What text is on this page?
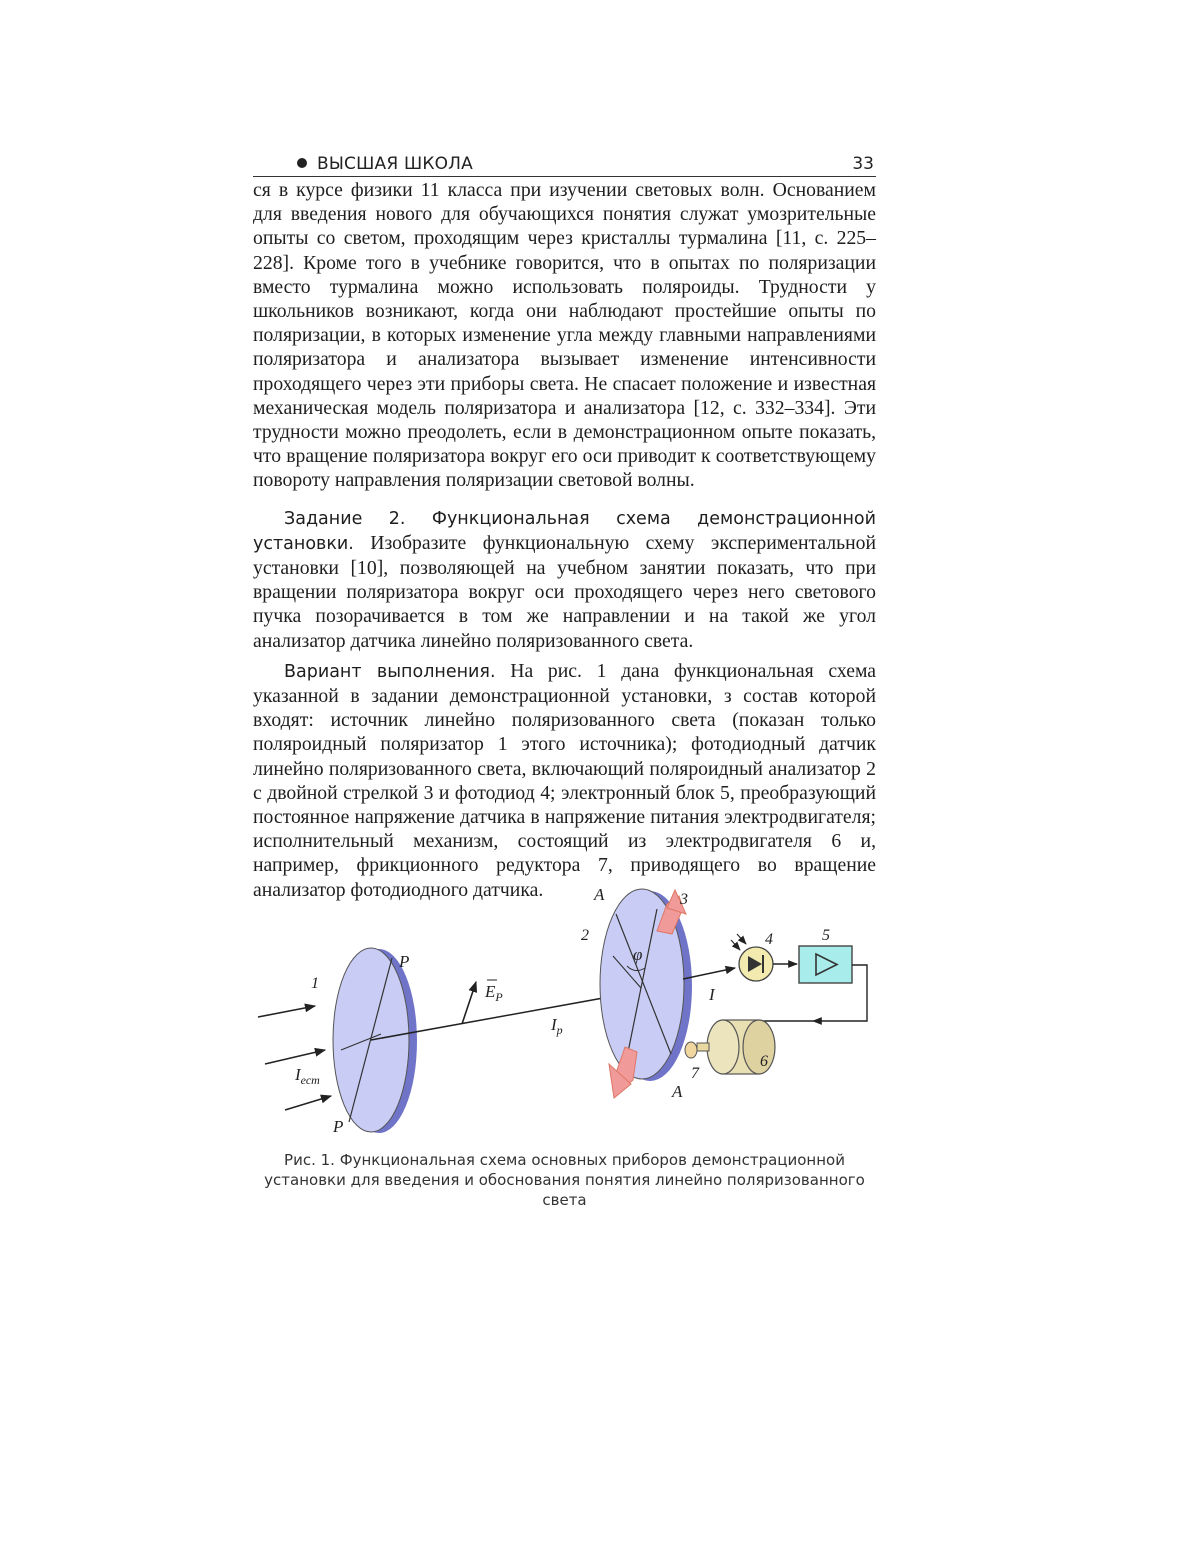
ВЫСШАЯ ШКОЛА	33

ся в курсе физики 11 класса при изучении световых волн. Основанием для введения нового для обучающихся понятия служат умозрительные опыты со светом, проходящим через кристаллы турмалина [11, с. 225–228]. Кроме того в учебнике говорится, что в опытах по поляризации вместо турмалина можно использовать поляроиды. Трудности у школьников возникают, когда они наблюдают простейшие опыты по поляризации, в которых изменение угла между главными направлениями поляризатора и анализатора вызывает изменение интенсивности проходящего через эти приборы света. Не спасает положение и известная механическая модель поляризатора и анализатора [12, с. 332–334]. Эти трудности можно преодолеть, если в демонстрационном опыте показать, что вращение поляризатора вокруг его оси приводит к соответствующему повороту направления поляризации световой волны.

Задание 2. Функциональная схема демонстрационной установки. Изобразите функциональную схему экспериментальной установки [10], позволяющей на учебном занятии показать, что при вращении поляризатора вокруг оси проходящего через него светового пучка позорачивается в том же направлении и на такой же угол анализатор датчика линейно поляризованного света.

Вариант выполнения. На рис. 1 дана функциональная схема указанной в задании демонстрационной установки, з состав которой входят: источник линейно поляризованного света (показан только поляроидный поляризатор 1 этого источника); фотодиодный датчик линейно поляризованного света, включающий поляроидный анализатор 2 с двойной стрелкой 3 и фотодиод 4; электронный блок 5, преобразующий постоянное напряжение датчика в напряжение питания электродвигателя; исполнительный механизм, состоящий из электродвигателя 6 и, например, фрикционного редуктора 7, приводящего во вращение анализатор фотодиодного датчика.

1
P
P
$I_{ест}$
$E_P$
$I_p$
A
A
2
3
4	5
6
7
φ
I
Рис. 1. Функциональная схема основных приборов демонстрационной установки для введения и обоснования понятия линейно поляризованного света
